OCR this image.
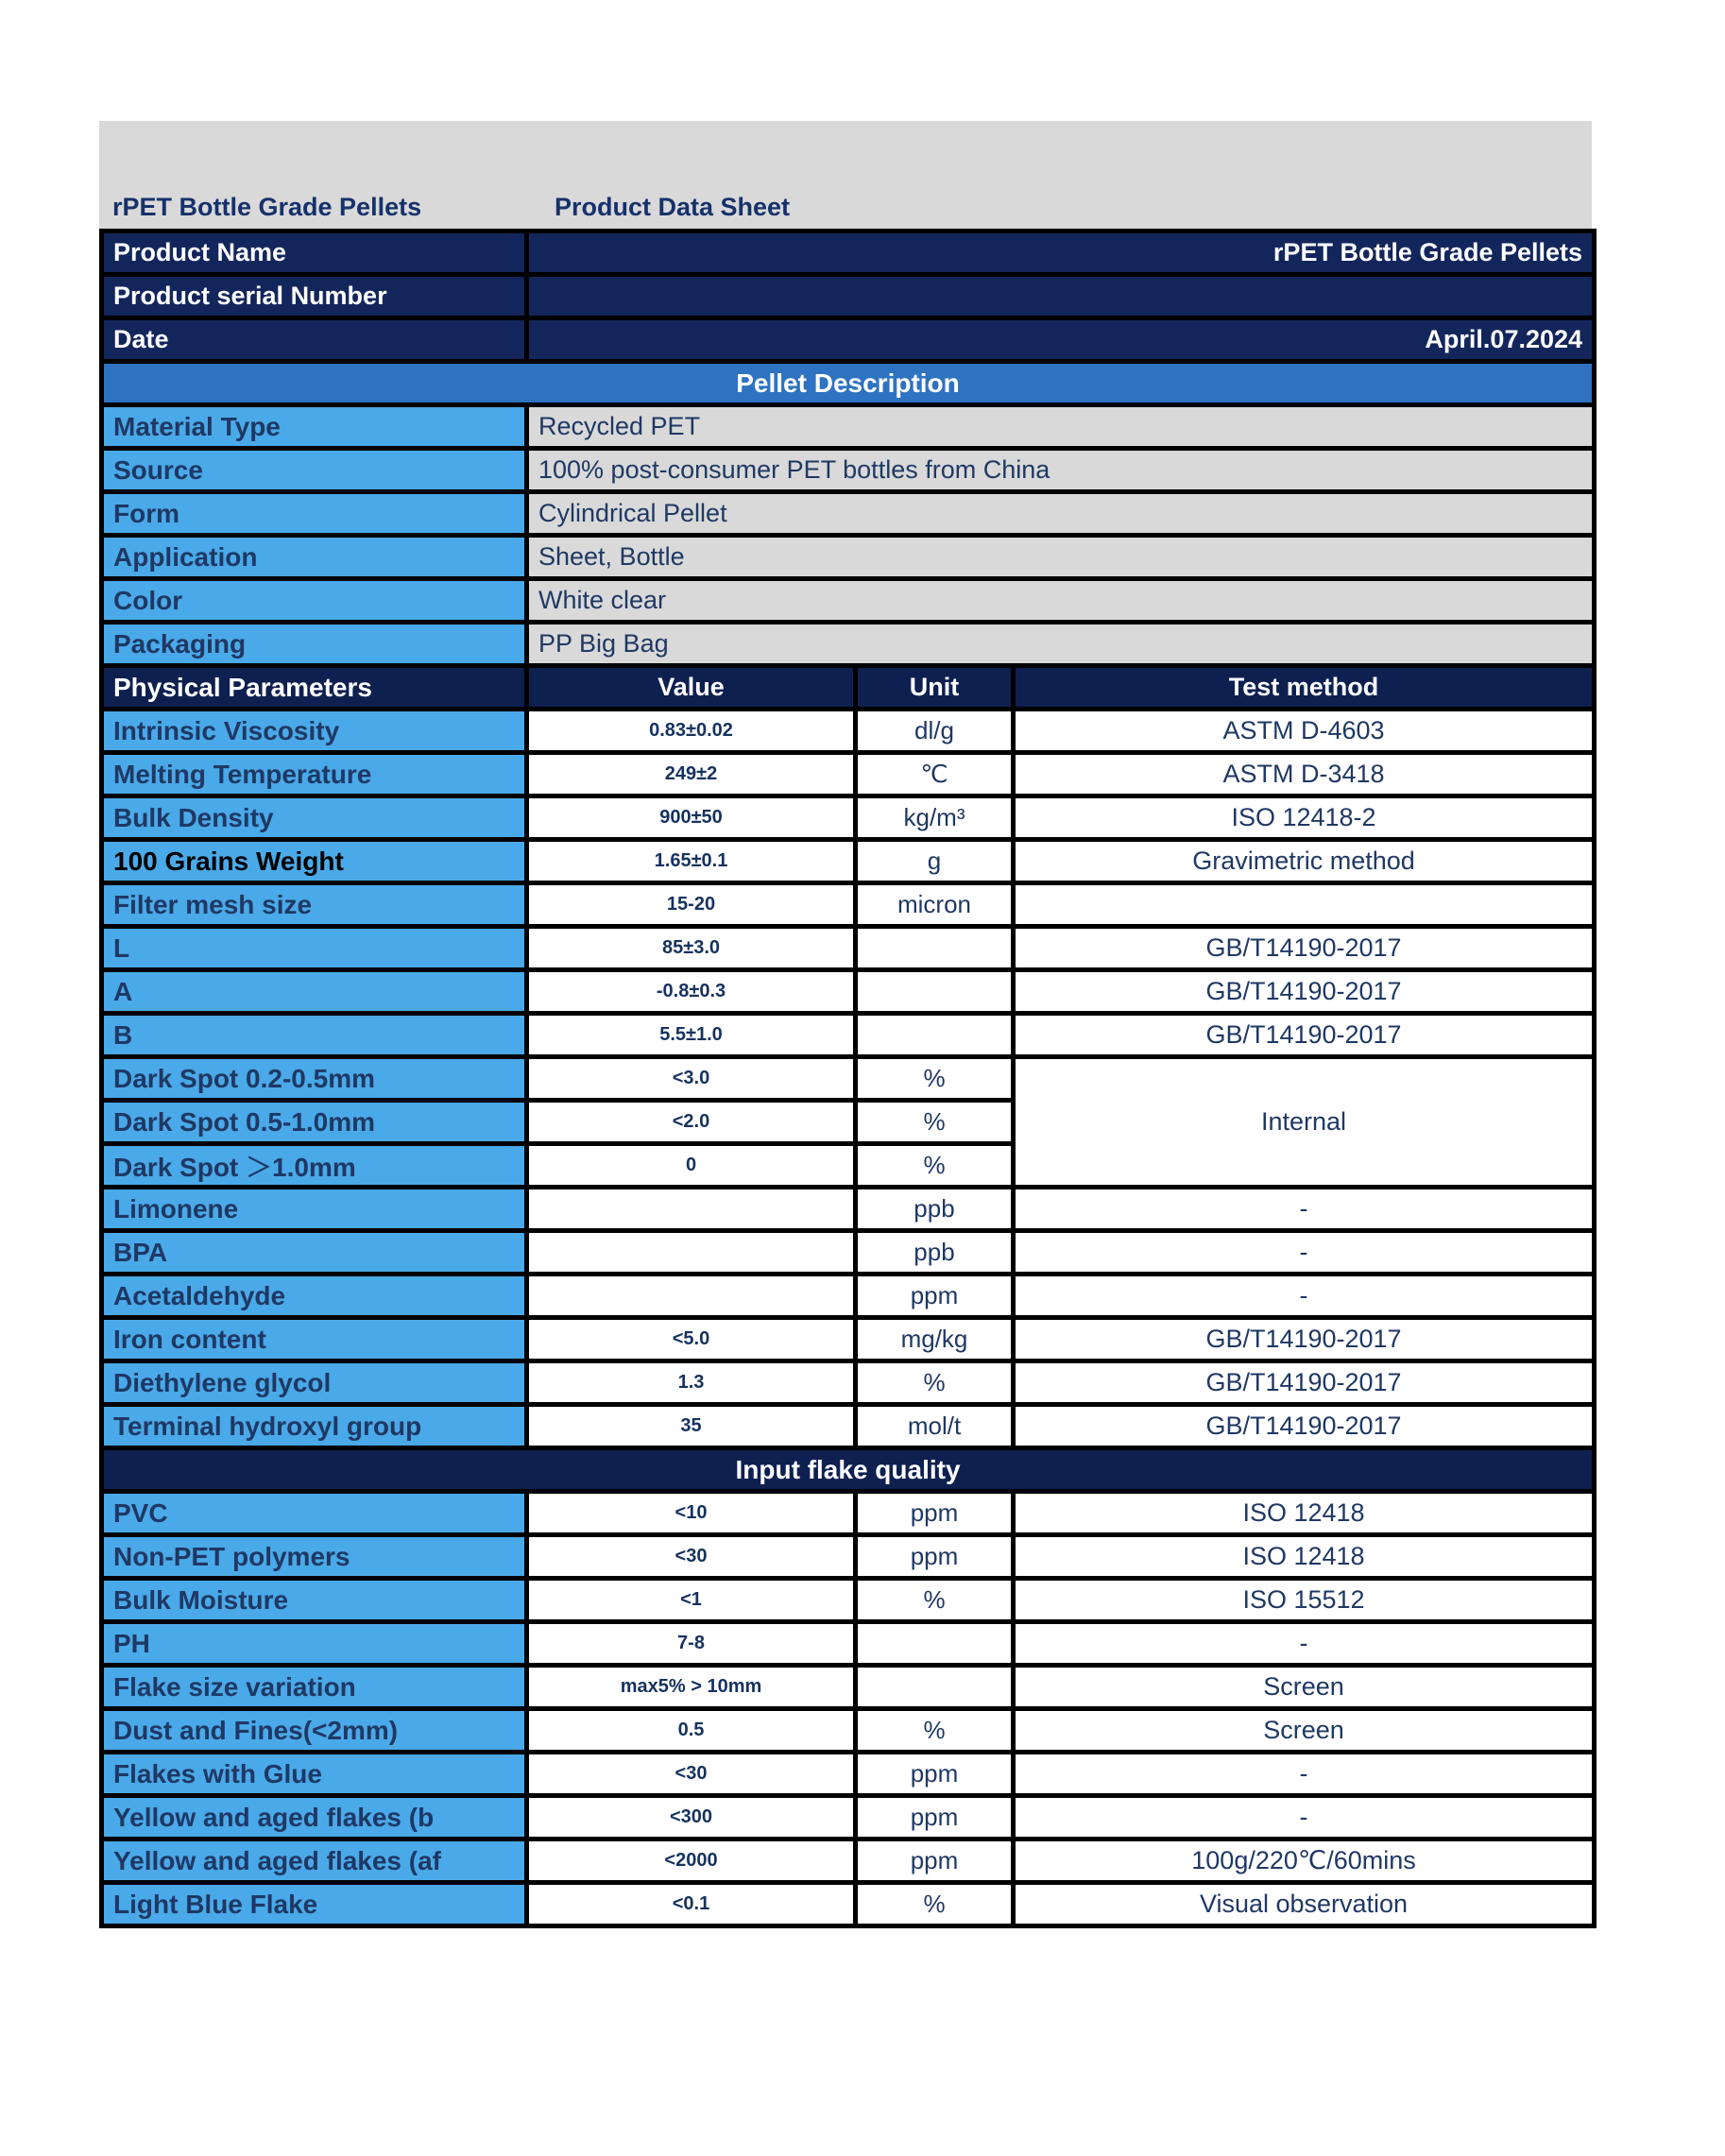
rPET Bottle Grade Pellets	Product Data Sheet
Product Name	rPET Bottle Grade Pellets		
Product serial Number			
Date	April.07.2024		
Pellet Description			
Material Type	Recycled PET		
Source	100% post-consumer PET bottles from China		
Form	Cylindrical Pellet		
Application	Sheet, Bottle		
Color	White clear		
Packaging	PP Big Bag		
Physical Parameters	Value	Unit	Test method
Intrinsic Viscosity	0.83±0.02	dl/g	ASTM D-4603
Melting Temperature	249±2	℃	ASTM D-3418
Bulk Density	900±50	kg/m³	ISO 12418-2
100 Grains Weight	1.65±0.1	g	Gravimetric method
Filter mesh size	15-20	micron	
L	85±3.0		GB/T14190-2017
A	-0.8±0.3		GB/T14190-2017
B	5.5±1.0		GB/T14190-2017
Dark Spot 0.2-0.5mm	<3.0	%	Internal
Dark Spot 0.5-1.0mm	<2.0	%	
Dark Spot ＞1.0mm	0	%	
Limonene		ppb	-
BPA		ppb	-
Acetaldehyde		ppm	-
Iron content	<5.0	mg/kg	GB/T14190-2017
Diethylene glycol	1.3	%	GB/T14190-2017
Terminal hydroxyl group	35	mol/t	GB/T14190-2017
Input flake quality			
PVC	<10	ppm	ISO 12418
Non-PET polymers	<30	ppm	ISO 12418
Bulk Moisture	<1	%	ISO 15512
PH	7-8		-
Flake size variation	max5% > 10mm		Screen
Dust and Fines(<2mm)	0.5	%	Screen
Flakes with Glue	<30	ppm	-
Yellow and aged flakes (b	<300	ppm	-
Yellow and aged flakes (af	<2000	ppm	100g/220℃/60mins
Light Blue Flake	<0.1	%	Visual observation
